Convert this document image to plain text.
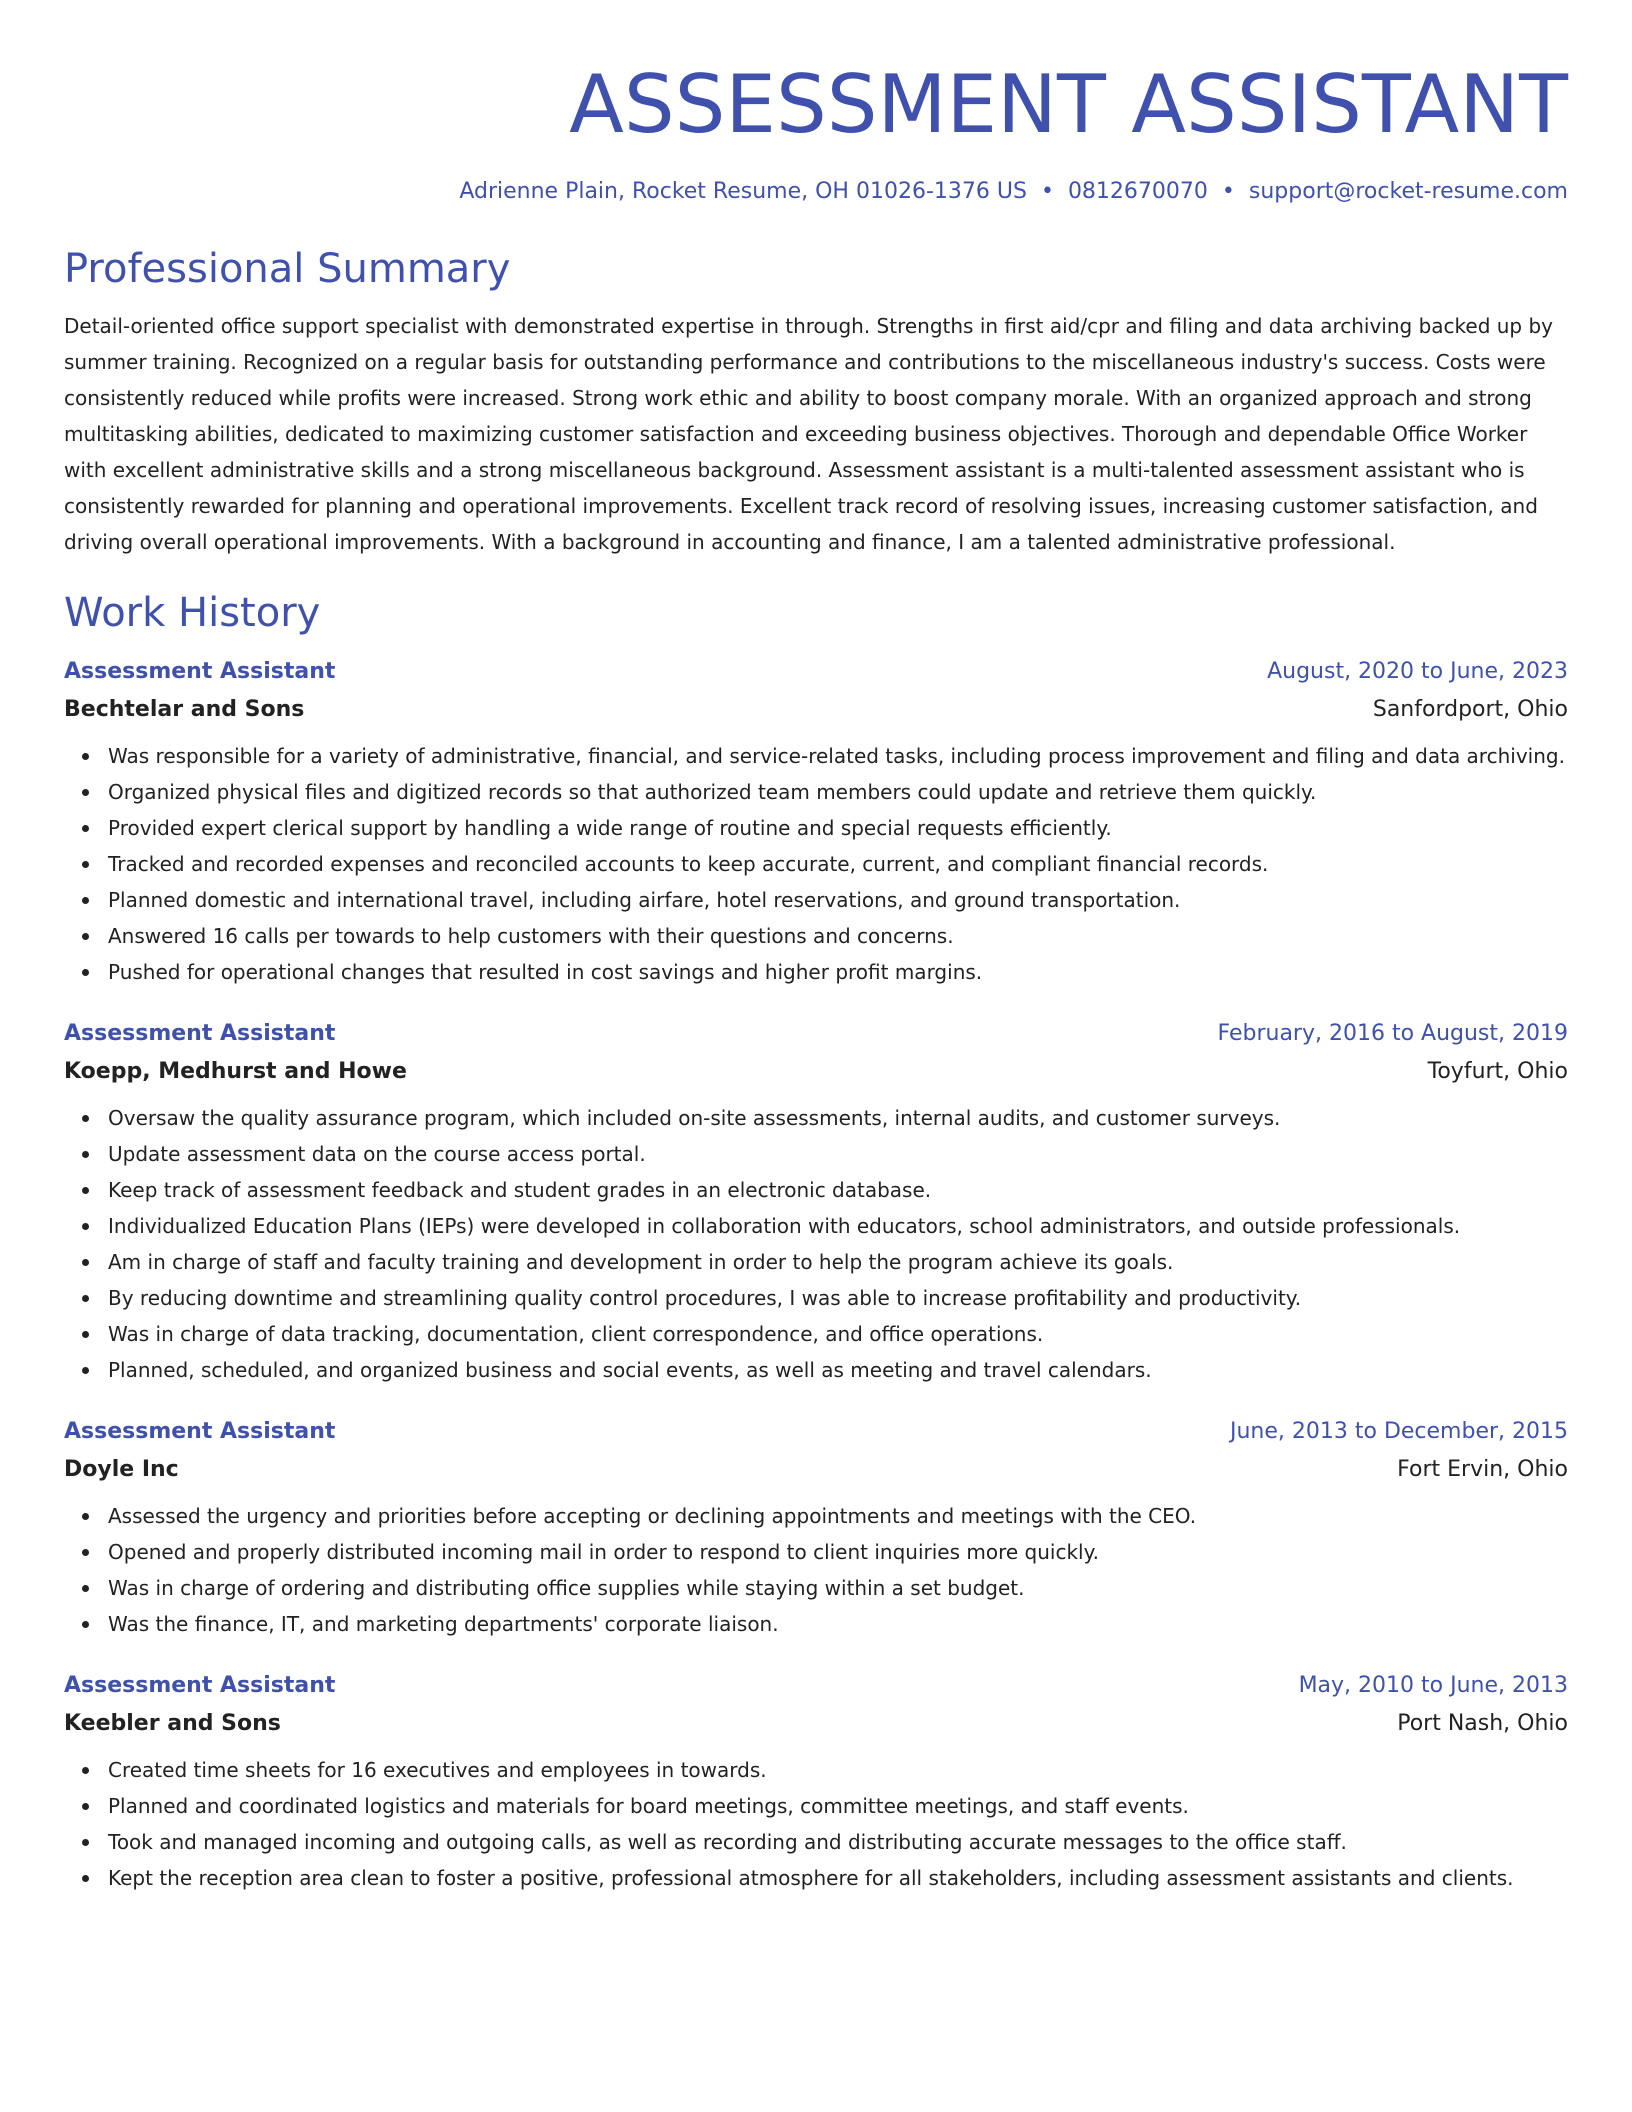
ASSESSMENT ASSISTANT
Adrienne Plain, Rocket Resume, OH 01026-1376 US • 0812670070 • support@rocket-resume.com
Professional Summary

Detail-oriented office support specialist with demonstrated expertise in through. Strengths in first aid/cpr and filing and data archiving backed up by summer training. Recognized on a regular basis for outstanding performance and contributions to the miscellaneous industry's success. Costs were consistently reduced while profits were increased. Strong work ethic and ability to boost company morale. With an organized approach and strong multitasking abilities, dedicated to maximizing customer satisfaction and exceeding business objectives. Thorough and dependable Office Worker with excellent administrative skills and a strong miscellaneous background. Assessment assistant is a multi-talented assessment assistant who is consistently rewarded for planning and operational improvements. Excellent track record of resolving issues, increasing customer satisfaction, and driving overall operational improvements. With a background in accounting and finance, I am a talented administrative professional.

Work History
Assessment Assistant	August, 2020 to June, 2023
Bechtelar and Sons	Sanfordport, Ohio
Was responsible for a variety of administrative, financial, and service-related tasks, including process improvement and filing and data archiving.
Organized physical files and digitized records so that authorized team members could update and retrieve them quickly.
Provided expert clerical support by handling a wide range of routine and special requests efficiently.
Tracked and recorded expenses and reconciled accounts to keep accurate, current, and compliant financial records.
Planned domestic and international travel, including airfare, hotel reservations, and ground transportation.
Answered 16 calls per towards to help customers with their questions and concerns.
Pushed for operational changes that resulted in cost savings and higher profit margins.
Assessment Assistant	February, 2016 to August, 2019
Koepp, Medhurst and Howe	Toyfurt, Ohio
Oversaw the quality assurance program, which included on-site assessments, internal audits, and customer surveys.
Update assessment data on the course access portal.
Keep track of assessment feedback and student grades in an electronic database.
Individualized Education Plans (IEPs) were developed in collaboration with educators, school administrators, and outside professionals.
Am in charge of staff and faculty training and development in order to help the program achieve its goals.
By reducing downtime and streamlining quality control procedures, I was able to increase profitability and productivity.
Was in charge of data tracking, documentation, client correspondence, and office operations.
Planned, scheduled, and organized business and social events, as well as meeting and travel calendars.
Assessment Assistant	June, 2013 to December, 2015
Doyle Inc	Fort Ervin, Ohio
Assessed the urgency and priorities before accepting or declining appointments and meetings with the CEO.
Opened and properly distributed incoming mail in order to respond to client inquiries more quickly.
Was in charge of ordering and distributing office supplies while staying within a set budget.
Was the finance, IT, and marketing departments' corporate liaison.
Assessment Assistant	May, 2010 to June, 2013
Keebler and Sons	Port Nash, Ohio
Created time sheets for 16 executives and employees in towards.
Planned and coordinated logistics and materials for board meetings, committee meetings, and staff events.
Took and managed incoming and outgoing calls, as well as recording and distributing accurate messages to the office staff.
Kept the reception area clean to foster a positive, professional atmosphere for all stakeholders, including assessment assistants and clients.
